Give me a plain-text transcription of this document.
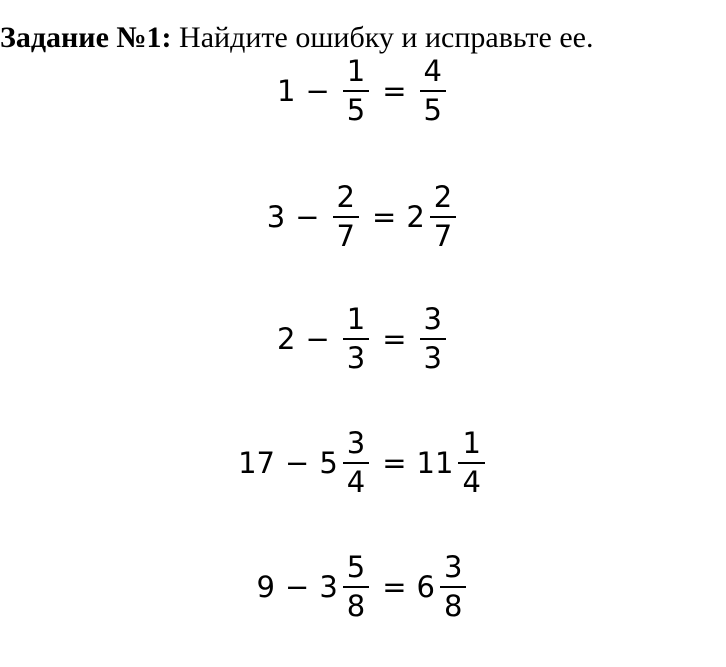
Задание №1: Найдите ошибку и исправьте ее.
$1 - \frac{1}{5} = \frac{4}{5}$
$3 - \frac{2}{7} = 2 \frac{2}{7}$
$2 - \frac{1}{3} = \frac{3}{3}$
$17 - 5 \frac{3}{4} = 11 \frac{1}{4}$
$9 - 3 \frac{5}{8} = 6 \frac{3}{8}$
